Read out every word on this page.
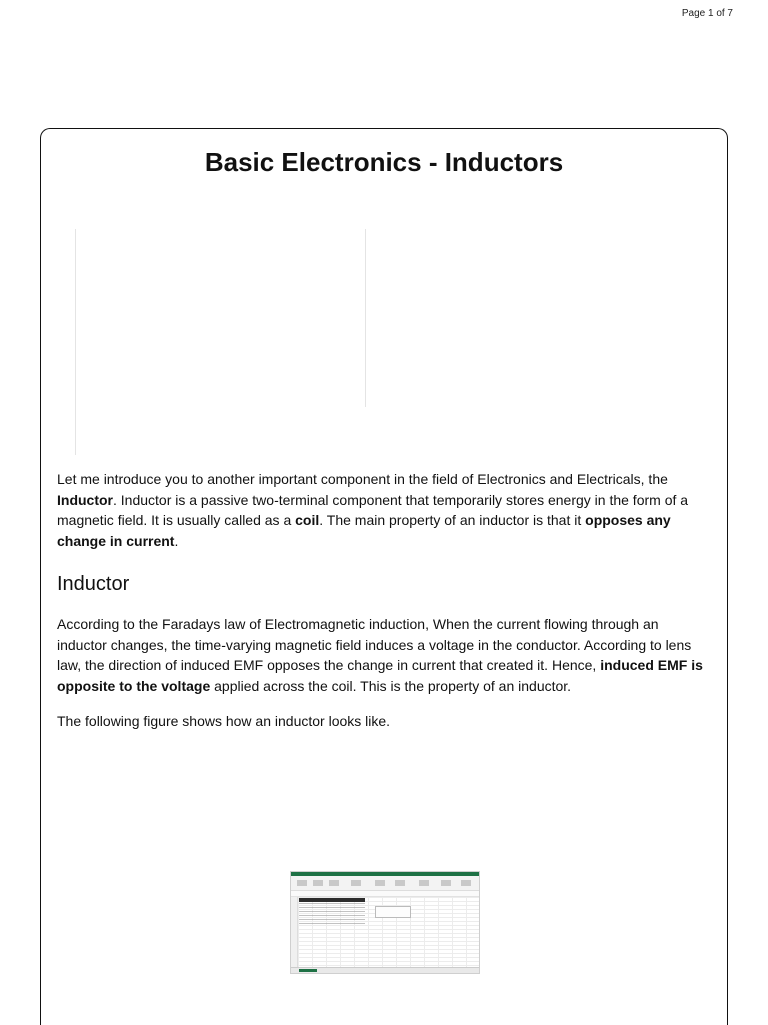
Page 1 of 7
Basic Electronics - Inductors

Let me introduce you to another important component in the field of Electronics and Electricals, the Inductor. Inductor is a passive two-terminal component that temporarily stores energy in the form of a magnetic field. It is usually called as a coil. The main property of an inductor is that it opposes any change in current.

Inductor

According to the Faradays law of Electromagnetic induction, When the current flowing through an inductor changes, the time-varying magnetic field induces a voltage in the conductor. According to lens law, the direction of induced EMF opposes the change in current that created it. Hence, induced EMF is opposite to the voltage applied across the coil. This is the property of an inductor.

The following figure shows how an inductor looks like.
